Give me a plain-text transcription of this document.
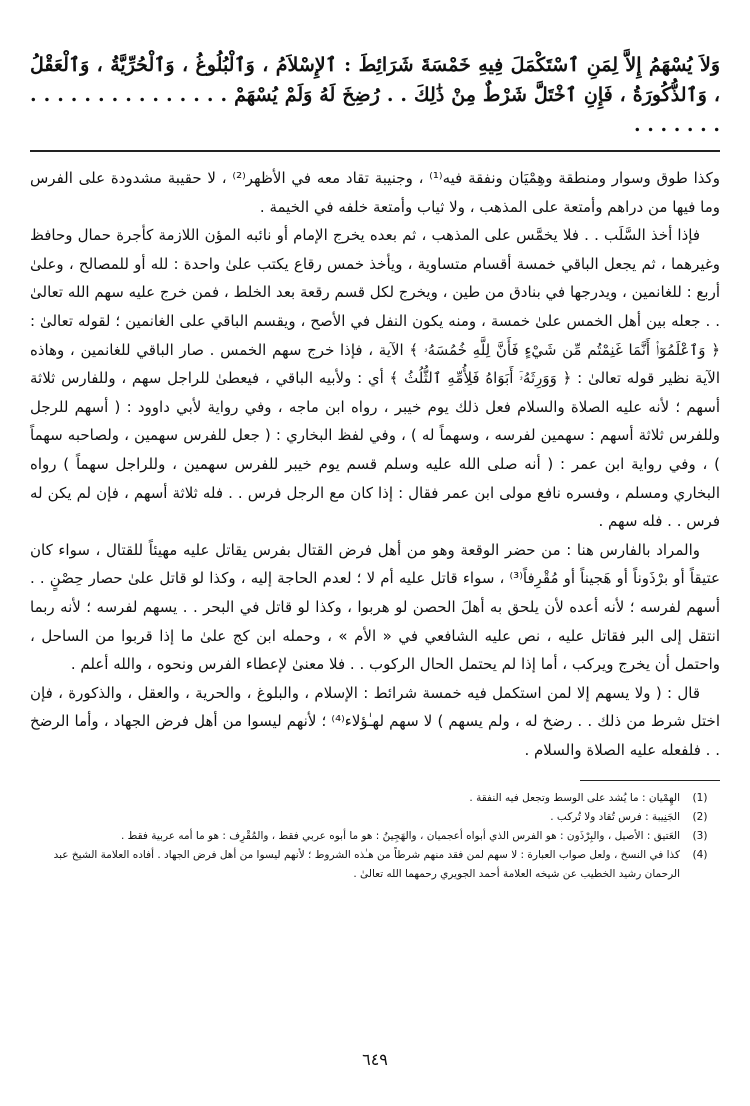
وَلاَ يُسْهَمُ إِلاَّ لِمَنِ ٱسْتَكْمَلَ فِيهِ خَمْسَةَ شَرَائِطَ : ٱلإِسْلاَمُ ، وَٱلْبُلُوغُ ، وَٱلْحُرِّيَّةُ ، وَٱلْعَقْلُ ، وَٱلذُّكُورَةُ ، فَإِنِ ٱخْتَلَّ شَرْطٌ مِنْ ذَٰلِكَ . . رُضِخَ لَهُ وَلَمْ يُسْهَمْ . . . . . . . . . . . . . . . . . . . . . .

وكذا طوق وسوار ومنطقة وهِمْيَان ونفقة فيه⁽¹⁾ ، وجنيبة تقاد معه في الأظهر⁽²⁾ ، لا حقيبة مشدودة على الفرس وما فيها من دراهم وأمتعة على المذهب ، ولا ثياب وأمتعة خلفه في الخيمة .

فإذا أخذ السَّلَب . . فلا يخمَّس على المذهب ، ثم بعده يخرج الإمام أو نائبه المؤن اللازمة كأجرة حمال وحافظ وغيرهما ، ثم يجعل الباقي خمسة أقسام متساوية ، ويأخذ خمس رقاع يكتب علىٰ واحدة : لله أو للمصالح ، وعلىٰ أربع : للغانمين ، ويدرجها في بنادق من طين ، ويخرج لكل قسم رقعة بعد الخلط ، فمن خرج عليه سهم الله تعالىٰ . . جعله بين أهل الخمس علىٰ خمسة ، ومنه يكون النفل في الأصح ، ويقسم الباقي على الغانمين ؛ لقوله تعالىٰ : ﴿ وَٱعْلَمُوٓا۟ أَنَّمَا غَنِمْتُم مِّن شَيْءٍ فَأَنَّ لِلَّهِ خُمُسَهُۥ ﴾ الآية ، فإذا خرج سهم الخمس . صار الباقي للغانمين ، وهاذه الآية نظير قوله تعالىٰ : ﴿ وَوَرِثَهُۥٓ أَبَوَاهُ فَلِأُمِّهِ ٱلثُّلُثُ ﴾ أي : ولأبيه الباقي ، فيعطىٰ للراجل سهم ، وللفارس ثلاثة أسهم ؛ لأنه عليه الصلاة والسلام فعل ذلك يوم خيبر ، رواه ابن ماجه ، وفي رواية لأبي داوود : ( أسهم للرجل وللفرس ثلاثة أسهم : سهمين لفرسه ، وسهماً له ) ، وفي لفظ البخاري : ( جعل للفرس سهمين ، ولصاحبه سهماً ) ، وفي رواية ابن عمر : ( أنه صلى الله عليه وسلم قسم يوم خيبر للفرس سهمين ، وللراجل سهماً ) رواه البخاري ومسلم ، وفسره نافع مولى ابن عمر فقال : إذا كان مع الرجل فرس . . فله ثلاثة أسهم ، فإن لم يكن له فرس . . فله سهم .

والمراد بالفارس هنا : من حضر الوقعة وهو من أهل فرض القتال بفرس يقاتل عليه مهيئاً للقتال ، سواء كان عتيقاً أو برْذَوناً أو هَجيناً أو مُقْرِفاً⁽³⁾ ، سواء قاتل عليه أم لا ؛ لعدم الحاجة إليه ، وكذا لو قاتل علىٰ حصار حِصْنٍ . . أسهم لفرسه ؛ لأنه أعده لأن يلحق به أهلَ الحصن لو هربوا ، وكذا لو قاتل في البحر . . يسهم لفرسه ؛ لأنه ربما انتقل إلى البر فقاتل عليه ، نص عليه الشافعي في « الأم » ، وحمله ابن كج علىٰ ما إذا قربوا من الساحل ، واحتمل أن يخرج ويركب ، أما إذا لم يحتمل الحال الركوب . . فلا معنىٰ لإعطاء الفرس ونحوه ، والله أعلم .

قال : ( ولا يسهم إلا لمن استكمل فيه خمسة شرائط : الإسلام ، والبلوغ ، والحرية ، والعقل ، والذكورة ، فإن اختل شرط من ذلك . . رضخ له ، ولم يسهم ) لا سهم لهـٰؤلاء⁽⁴⁾ ؛ لأنهم ليسوا من أهل فرض الجهاد ، وأما الرضخ . . فلفعله عليه الصلاة والسلام .

(1)
الهِمْيان : ما يُشد على الوسط وتجعل فيه النفقة .
(2)
الجَنِيبة : فرس تُقاد ولا تُركب .
(3)
العَتيق : الأصيل ، والبِرْذَون : هو الفرس الذي أبواه أعجميان ، والهَجِينُ : هو ما أبوه عربي فقط ، والمُقْرِف : هو ما أمه عربية فقط .
(4)
كذا في النسخ ، ولعل صواب العبارة : لا سهم لمن فقد منهم شرطاً من هـٰذه الشروط ؛ لأنهم ليسوا من أهل فرض الجهاد . أفاده العلامة الشيخ عبد الرحمان رشيد الخطيب عن شيخه العلامة أحمد الجويري رحمهما الله تعالىٰ .
٦٤٩
